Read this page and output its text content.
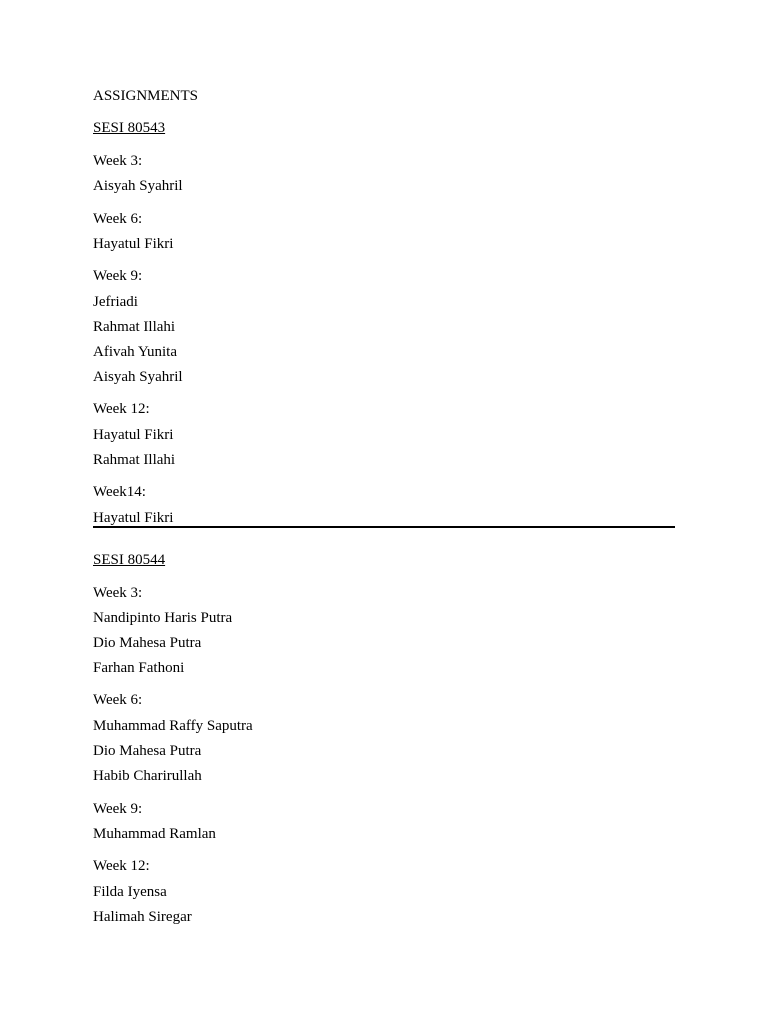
ASSIGNMENTS
SESI 80543
Week 3:
Aisyah Syahril
Week 6:
Hayatul Fikri
Week 9:
Jefriadi
Rahmat Illahi
Afivah Yunita
Aisyah Syahril
Week 12:
Hayatul Fikri
Rahmat Illahi
Week14:
Hayatul Fikri
SESI 80544
Week 3:
Nandipinto Haris Putra
Dio Mahesa Putra
Farhan Fathoni
Week 6:
Muhammad Raffy Saputra
Dio Mahesa Putra
Habib Charirullah
Week 9:
Muhammad Ramlan
Week 12:
Filda Iyensa
Halimah Siregar
